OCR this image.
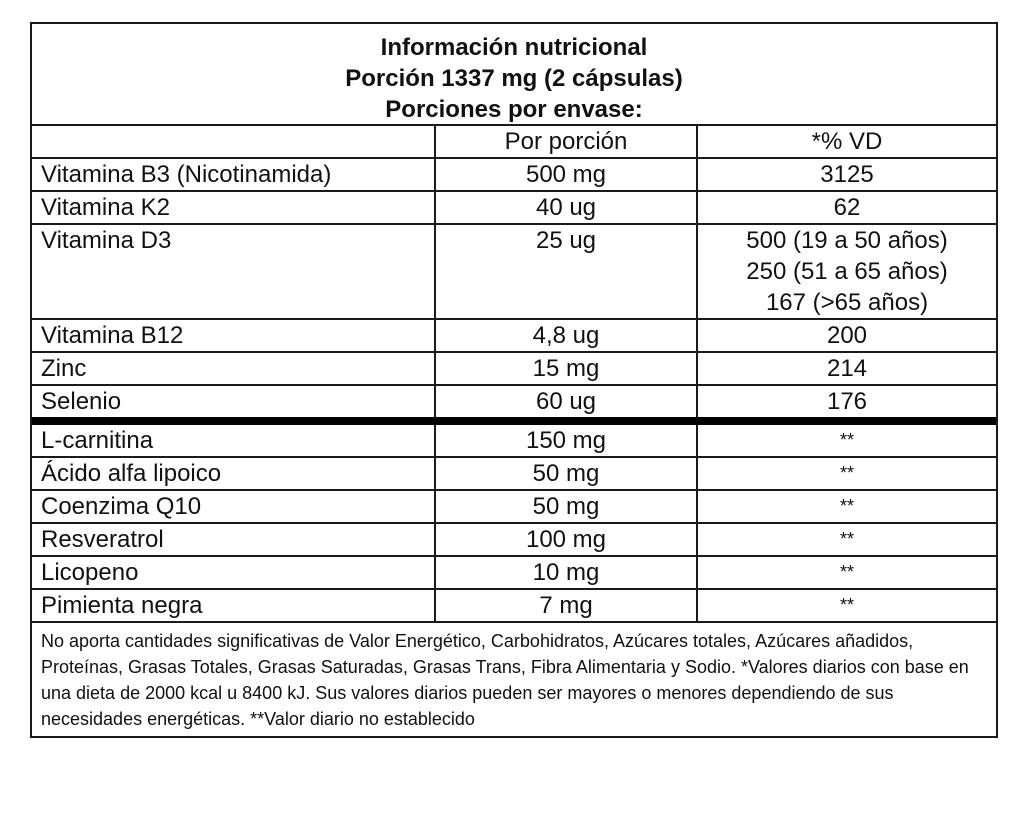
Información nutricional
Porción 1337 mg (2 cápsulas)
Porciones por envase:
	Por porción	*% VD
Vitamina B3 (Nicotinamida)	500 mg	3125

Vitamina K2	40 ug	62

Vitamina D3	25 ug	500 (19 a 50 años)
250 (51 a 65 años)
167 (>65 años)

Vitamina B12	4,8 ug	200

Zinc	15 mg	214

Selenio	60 ug	176

L-carnitina	150 mg	**
Ácido alfa lipoico	50 mg	**
Coenzima Q10	50 mg	**
Resveratrol	100 mg	**
Licopeno	10 mg	**
Pimienta negra	7 mg	**
No aporta cantidades significativas de Valor Energético, Carbohidratos, Azúcares totales, Azúcares añadidos, Proteínas, Grasas Totales, Grasas Saturadas, Grasas Trans, Fibra Alimentaria y Sodio. *Valores diarios con base en una dieta de 2000 kcal u 8400 kJ. Sus valores diarios pueden ser mayores o menores dependiendo de sus necesidades energéticas. **Valor diario no establecido
